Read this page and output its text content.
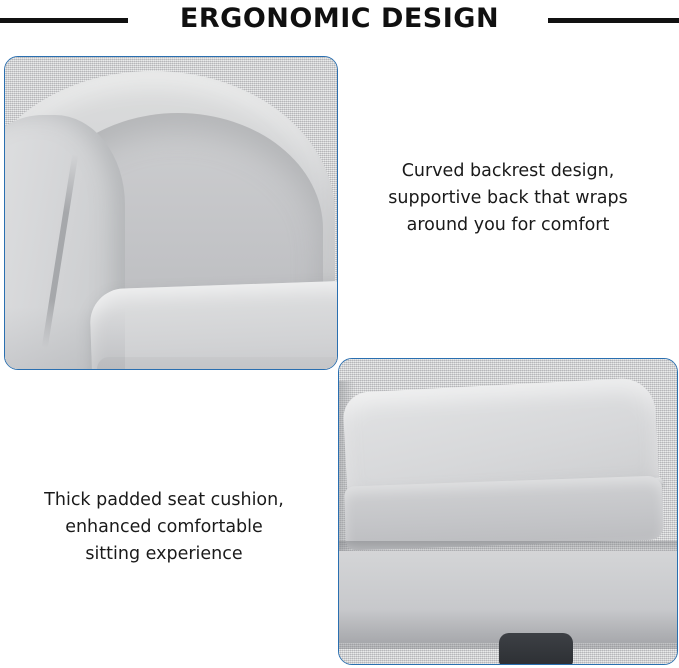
ERGONOMIC DESIGN
Curved backrest design,
supportive back that wraps
around you for comfort
Thick padded seat cushion,
enhanced comfortable
sitting experience
